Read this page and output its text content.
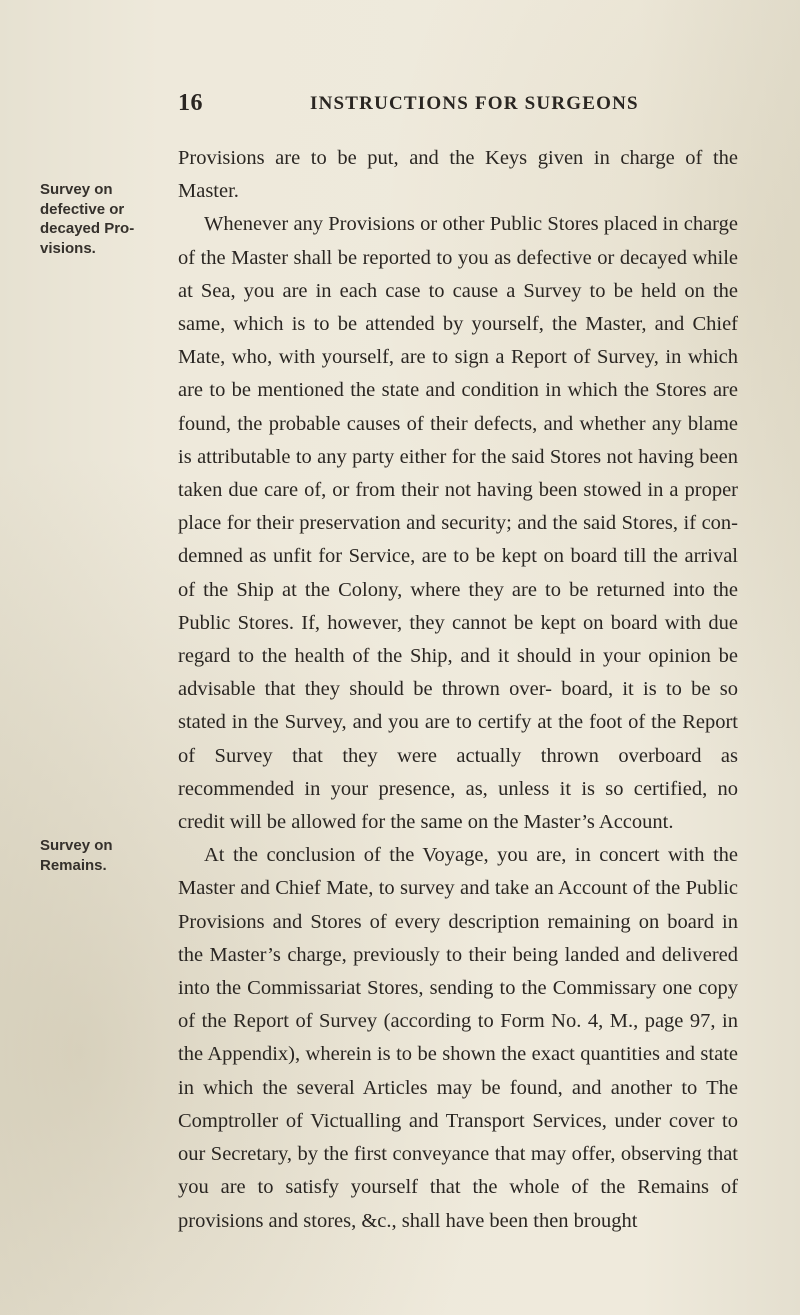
16	INSTRUCTIONS FOR SURGEONS
Survey on defective or decayed Pro- visions.
Survey on Remains.

Provisions are to be put, and the Keys given in charge of the Master.

Whenever any Provisions or other Public Stores placed in charge of the Master shall be reported to you as defective or decayed while at Sea, you are in each case to cause a Survey to be held on the same, which is to be attended by yourself, the Master, and Chief Mate, who, with yourself, are to sign a Report of Survey, in which are to be mentioned the state and condition in which the Stores are found, the probable causes of their defects, and whether any blame is attributable to any party either for the said Stores not having been taken due care of, or from their not having been stowed in a proper place for their preservation and security; and the said Stores, if con- demned as unfit for Service, are to be kept on board till the arrival of the Ship at the Colony, where they are to be returned into the Public Stores. If, however, they cannot be kept on board with due regard to the health of the Ship, and it should in your opinion be advisable that they should be thrown over- board, it is to be so stated in the Survey, and you are to certify at the foot of the Report of Survey that they were actually thrown overboard as recommended in your presence, as, unless it is so certified, no credit will be allowed for the same on the Master’s Account.

At the conclusion of the Voyage, you are, in concert with the Master and Chief Mate, to survey and take an Account of the Public Provisions and Stores of every description remaining on board in the Master’s charge, previously to their being landed and delivered into the Commissariat Stores, sending to the Commissary one copy of the Report of Survey (according to Form No. 4, M., page 97, in the Appendix), wherein is to be shown the exact quantities and state in which the several Articles may be found, and another to The Comptroller of Victualling and Transport Services, under cover to our Secretary, by the first conveyance that may offer, observing that you are to satisfy yourself that the whole of the Remains of provisions and stores, &c., shall have been then brought
